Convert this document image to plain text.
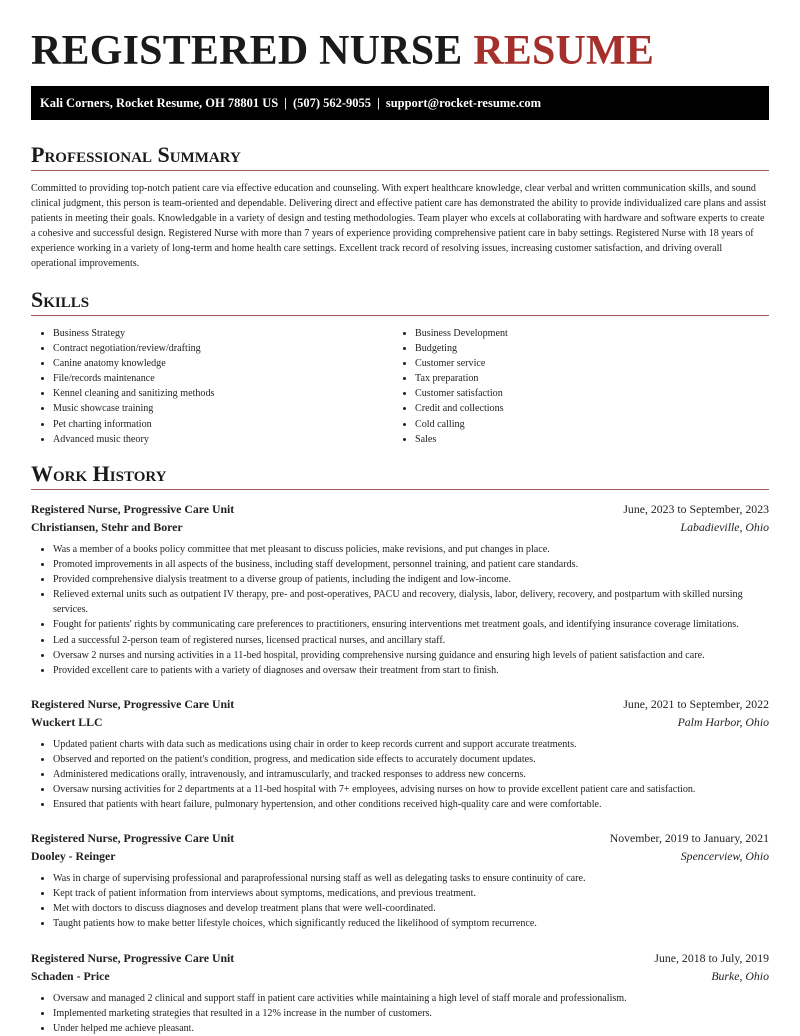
REGISTERED NURSE RESUME
Kali Corners, Rocket Resume, OH 78801 US | (507) 562-9055 | support@rocket-resume.com
Professional Summary

Committed to providing top-notch patient care via effective education and counseling. With expert healthcare knowledge, clear verbal and written communication skills, and sound clinical judgment, this person is team-oriented and dependable. Delivering direct and effective patient care has demonstrated the ability to provide individualized care plans and assist patients in meeting their goals. Knowledgable in a variety of design and testing methodologies. Team player who excels at collaborating with hardware and software experts to create a cohesive and successful design. Registered Nurse with more than 7 years of experience providing comprehensive patient care in baby settings. Registered Nurse with 18 years of experience working in a variety of long-term and home health care settings. Excellent track record of resolving issues, increasing customer satisfaction, and driving overall operational improvements.

Skills
• Business Strategy
• Contract negotiation/review/drafting
• Canine anatomy knowledge
• File/records maintenance
• Kennel cleaning and sanitizing methods
• Music showcase training
• Pet charting information
• Advanced music theory
• Business Development
• Budgeting
• Customer service
• Tax preparation
• Customer satisfaction
• Credit and collections
• Cold calling
• Sales
Work History
Registered Nurse, Progressive Care Unit	June, 2023 to September, 2023
Christiansen, Stehr and Borer	Labadieville, Ohio
• Was a member of a books policy committee that met pleasant to discuss policies, make revisions, and put changes in place.
• Promoted improvements in all aspects of the business, including staff development, personnel training, and patient care standards.
• Provided comprehensive dialysis treatment to a diverse group of patients, including the indigent and low-income.
• Relieved external units such as outpatient IV therapy, pre- and post-operatives, PACU and recovery, dialysis, labor, delivery, recovery, and postpartum with skilled nursing services.
• Fought for patients' rights by communicating care preferences to practitioners, ensuring interventions met treatment goals, and identifying insurance coverage limitations.
• Led a successful 2-person team of registered nurses, licensed practical nurses, and ancillary staff.
• Oversaw 2 nurses and nursing activities in a 11-bed hospital, providing comprehensive nursing guidance and ensuring high levels of patient satisfaction and care.
• Provided excellent care to patients with a variety of diagnoses and oversaw their treatment from start to finish.
Registered Nurse, Progressive Care Unit	June, 2021 to September, 2022
Wuckert LLC	Palm Harbor, Ohio
• Updated patient charts with data such as medications using chair in order to keep records current and support accurate treatments.
• Observed and reported on the patient's condition, progress, and medication side effects to accurately document updates.
• Administered medications orally, intravenously, and intramuscularly, and tracked responses to address new concerns.
• Oversaw nursing activities for 2 departments at a 11-bed hospital with 7+ employees, advising nurses on how to provide excellent patient care and satisfaction.
• Ensured that patients with heart failure, pulmonary hypertension, and other conditions received high-quality care and were comfortable.
Registered Nurse, Progressive Care Unit	November, 2019 to January, 2021
Dooley - Reinger	Spencerview, Ohio
• Was in charge of supervising professional and paraprofessional nursing staff as well as delegating tasks to ensure continuity of care.
• Kept track of patient information from interviews about symptoms, medications, and previous treatment.
• Met with doctors to discuss diagnoses and develop treatment plans that were well-coordinated.
• Taught patients how to make better lifestyle choices, which significantly reduced the likelihood of symptom recurrence.
Registered Nurse, Progressive Care Unit	June, 2018 to July, 2019
Schaden - Price	Burke, Ohio
• Oversaw and managed 2 clinical and support staff in patient care activities while maintaining a high level of staff morale and professionalism.
• Implemented marketing strategies that resulted in a 12% increase in the number of customers.
• Under helped me achieve pleasant.
